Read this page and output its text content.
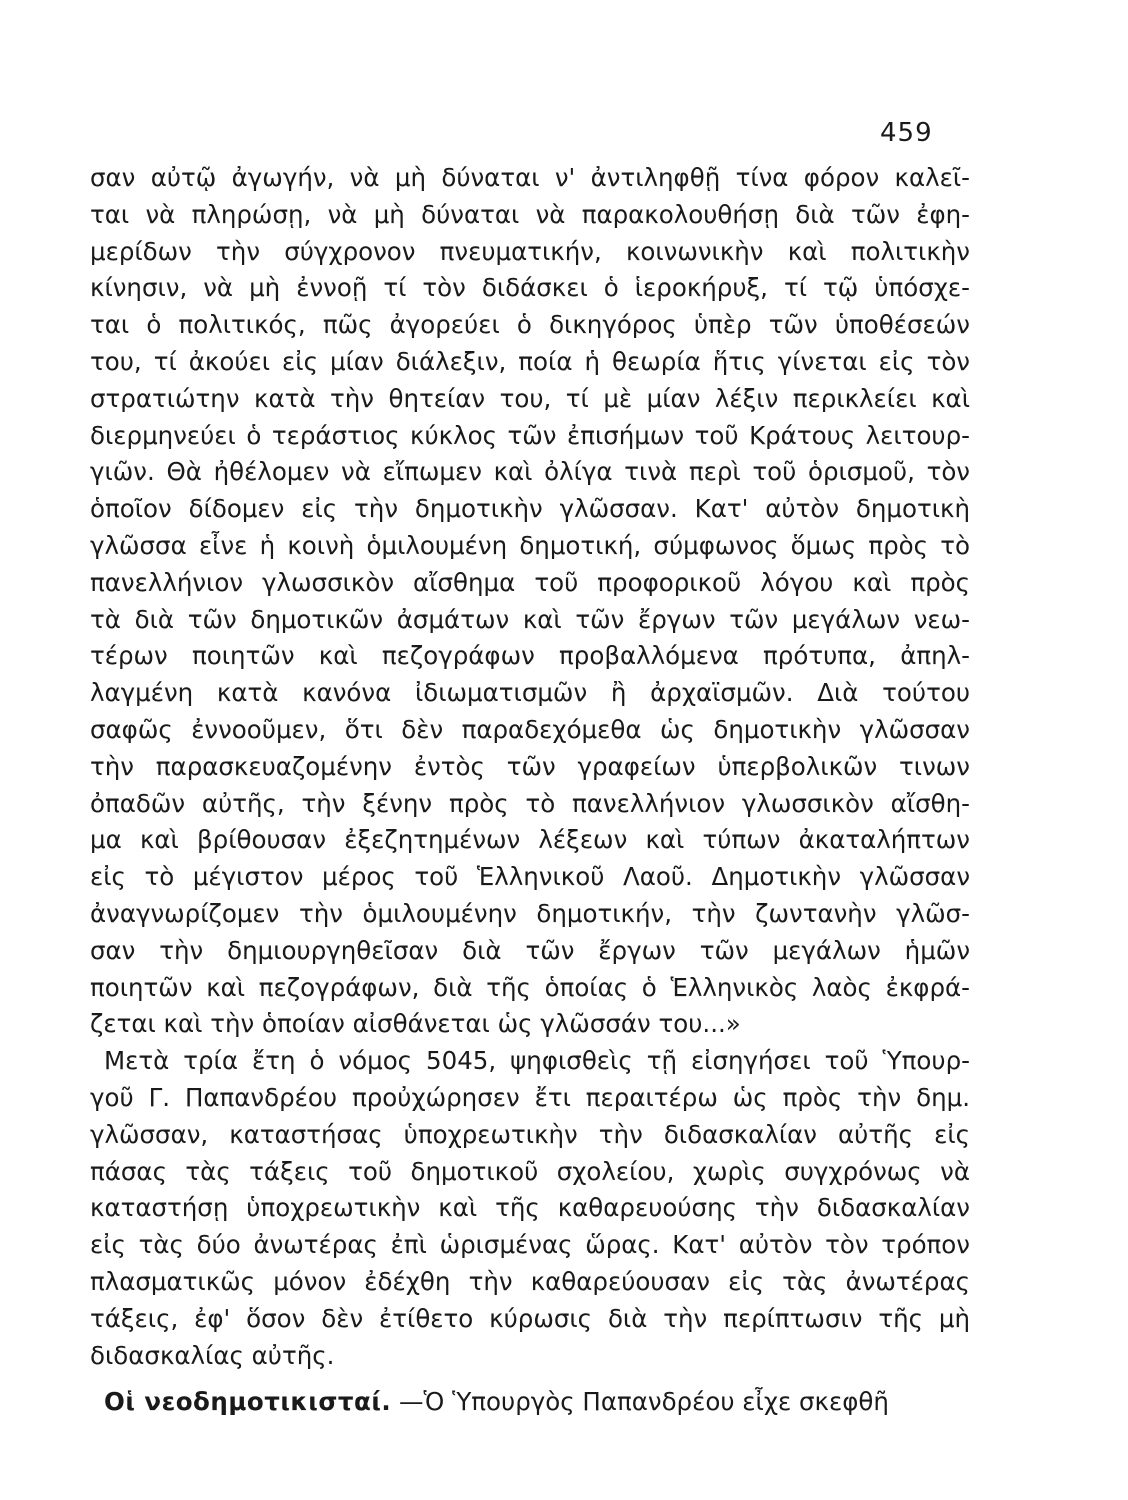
459
σαν αὐτῷ ἀγωγήν, νὰ μὴ δύναται ν' ἀντιληφθῇ τίνα φόρον καλεῖ-
ται νὰ πληρώσῃ, νὰ μὴ δύναται νὰ παρακολουθήσῃ διὰ τῶν ἐφη-
μερίδων τὴν σύγχρονον πνευματικήν, κοινωνικὴν καὶ πολιτικὴν
κίνησιν, νὰ μὴ ἐννοῇ τί τὸν διδάσκει ὁ ἱεροκήρυξ, τί τῷ ὑπόσχε-
ται ὁ πολιτικός, πῶς ἀγορεύει ὁ δικηγόρος ὑπὲρ τῶν ὑποθέσεών
του, τί ἀκούει εἰς μίαν διάλεξιν, ποία ἡ θεωρία ἥτις γίνεται εἰς τὸν
στρατιώτην κατὰ τὴν θητείαν του, τί μὲ μίαν λέξιν περικλείει καὶ
διερμηνεύει ὁ τεράστιος κύκλος τῶν ἐπισήμων τοῦ Κράτους λειτουρ-
γιῶν. Θὰ ἠθέλομεν νὰ εἴπωμεν καὶ ὀλίγα τινὰ περὶ τοῦ ὁρισμοῦ, τὸν
ὁποῖον δίδομεν εἰς τὴν δημοτικὴν γλῶσσαν. Κατ' αὐτὸν δημοτικὴ
γλῶσσα εἶνε ἡ κοινὴ ὁμιλουμένη δημοτική, σύμφωνος ὅμως πρὸς τὸ
πανελλήνιον γλωσσικὸν αἴσθημα τοῦ προφορικοῦ λόγου καὶ πρὸς
τὰ διὰ τῶν δημοτικῶν ἀσμάτων καὶ τῶν ἔργων τῶν μεγάλων νεω-
τέρων ποιητῶν καὶ πεζογράφων προβαλλόμενα πρότυπα, ἀπηλ-
λαγμένη κατὰ κανόνα ἰδιωματισμῶν ἢ ἀρχαϊσμῶν. Διὰ τούτου
σαφῶς ἐννοοῦμεν, ὅτι δὲν παραδεχόμεθα ὡς δημοτικὴν γλῶσσαν
τὴν παρασκευαζομένην ἐντὸς τῶν γραφείων ὑπερβολικῶν τινων
ὀπαδῶν αὐτῆς, τὴν ξένην πρὸς τὸ πανελλήνιον γλωσσικὸν αἴσθη-
μα καὶ βρίθουσαν ἐξεζητημένων λέξεων καὶ τύπων ἀκαταλήπτων
εἰς τὸ μέγιστον μέρος τοῦ Ἑλληνικοῦ Λαοῦ. Δημοτικὴν γλῶσσαν
ἀναγνωρίζομεν τὴν ὁμιλουμένην δημοτικήν, τὴν ζωντανὴν γλῶσ-
σαν τὴν δημιουργηθεῖσαν διὰ τῶν ἔργων τῶν μεγάλων ἡμῶν
ποιητῶν καὶ πεζογράφων, διὰ τῆς ὁποίας ὁ Ἑλληνικὸς λαὸς ἐκφρά-
ζεται καὶ τὴν ὁποίαν αἰσθάνεται ὡς γλῶσσάν του...»
Μετὰ τρία ἔτη ὁ νόμος 5045, ψηφισθεὶς τῇ εἰσηγήσει τοῦ Ὑπουρ-
γοῦ Γ. Παπανδρέου προὐχώρησεν ἔτι περαιτέρω ὡς πρὸς τὴν δημ.
γλῶσσαν, καταστήσας ὑποχρεωτικὴν τὴν διδασκαλίαν αὐτῆς εἰς
πάσας τὰς τάξεις τοῦ δημοτικοῦ σχολείου, χωρὶς συγχρόνως νὰ
καταστήσῃ ὑποχρεωτικὴν καὶ τῆς καθαρευούσης τὴν διδασκαλίαν
εἰς τὰς δύο ἀνωτέρας ἐπὶ ὡρισμένας ὥρας. Κατ' αὐτὸν τὸν τρόπον
πλασματικῶς μόνον ἐδέχθη τὴν καθαρεύουσαν εἰς τὰς ἀνωτέρας
τάξεις, ἐφ' ὅσον δὲν ἐτίθετο κύρωσις διὰ τὴν περίπτωσιν τῆς μὴ
διδασκαλίας αὐτῆς.
Οἱ νεοδημοτικισταί. —Ὁ Ὑπουργὸς Παπανδρέου εἶχε σκεφθῆ
